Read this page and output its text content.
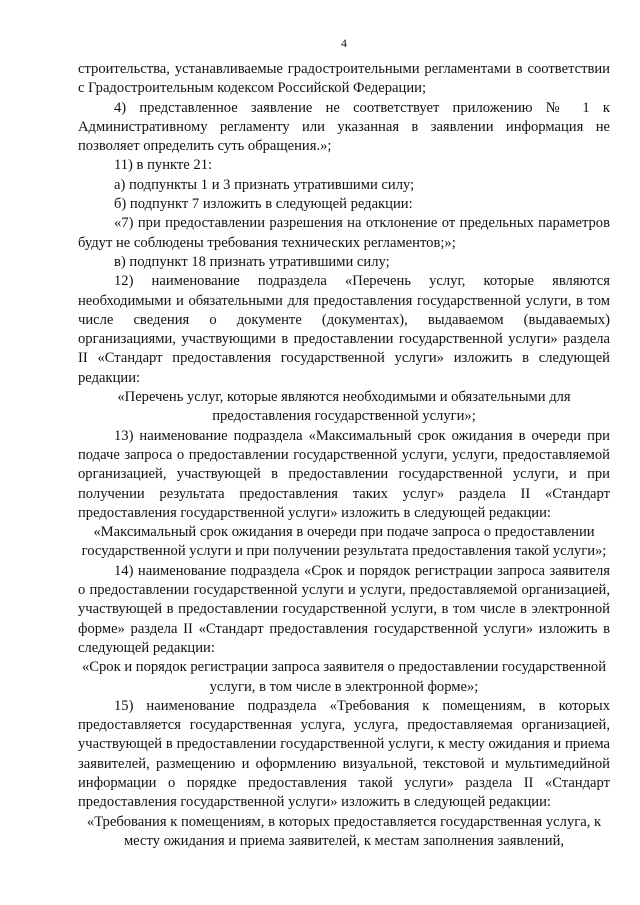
4

строительства, устанавливаемые градостроительными регламентами в соответствии с Градостроительным кодексом Российской Федерации;

4) представленное заявление не соответствует приложению № 1 к Административному регламенту или указанная в заявлении информация не позволяет определить суть обращения.»;

11) в пункте 21:

а) подпункты 1 и 3 признать утратившими силу;

б) подпункт 7 изложить в следующей редакции:

«7) при предоставлении разрешения на отклонение от предельных параметров будут не соблюдены требования технических регламентов;»;

в) подпункт 18 признать утратившими силу;

12) наименование подраздела «Перечень услуг, которые являются необходимыми и обязательными для предоставления государственной услуги, в том числе сведения о документе (документах), выдаваемом (выдаваемых) организациями, участвующими в предоставлении государственной услуги» раздела II «Стандарт предоставления государственной услуги» изложить в следующей редакции:

«Перечень услуг, которые являются необходимыми и обязательными для предоставления государственной услуги»;

13) наименование подраздела «Максимальный срок ожидания в очереди при подаче запроса о предоставлении государственной услуги, услуги, предоставляемой организацией, участвующей в предоставлении государственной услуги, и при получении результата предоставления таких услуг» раздела II «Стандарт предоставления государственной услуги» изложить в следующей редакции:

«Максимальный срок ожидания в очереди при подаче запроса о предоставлении государственной услуги и при получении результата предоставления такой услуги»;

14) наименование подраздела «Срок и порядок регистрации запроса заявителя о предоставлении государственной услуги и услуги, предоставляемой организацией, участвующей в предоставлении государственной услуги, в том числе в электронной форме» раздела II «Стандарт предоставления государственной услуги» изложить в следующей редакции:

«Срок и порядок регистрации запроса заявителя о предоставлении государственной услуги, в том числе в электронной форме»;

15) наименование подраздела «Требования к помещениям, в которых предоставляется государственная услуга, услуга, предоставляемая организацией, участвующей в предоставлении государственной услуги, к месту ожидания и приема заявителей, размещению и оформлению визуальной, текстовой и мультимедийной информации о порядке предоставления такой услуги» раздела II «Стандарт предоставления государственной услуги» изложить в следующей редакции:

«Требования к помещениям, в которых предоставляется государственная услуга, к месту ожидания и приема заявителей, к местам заполнения заявлений,
